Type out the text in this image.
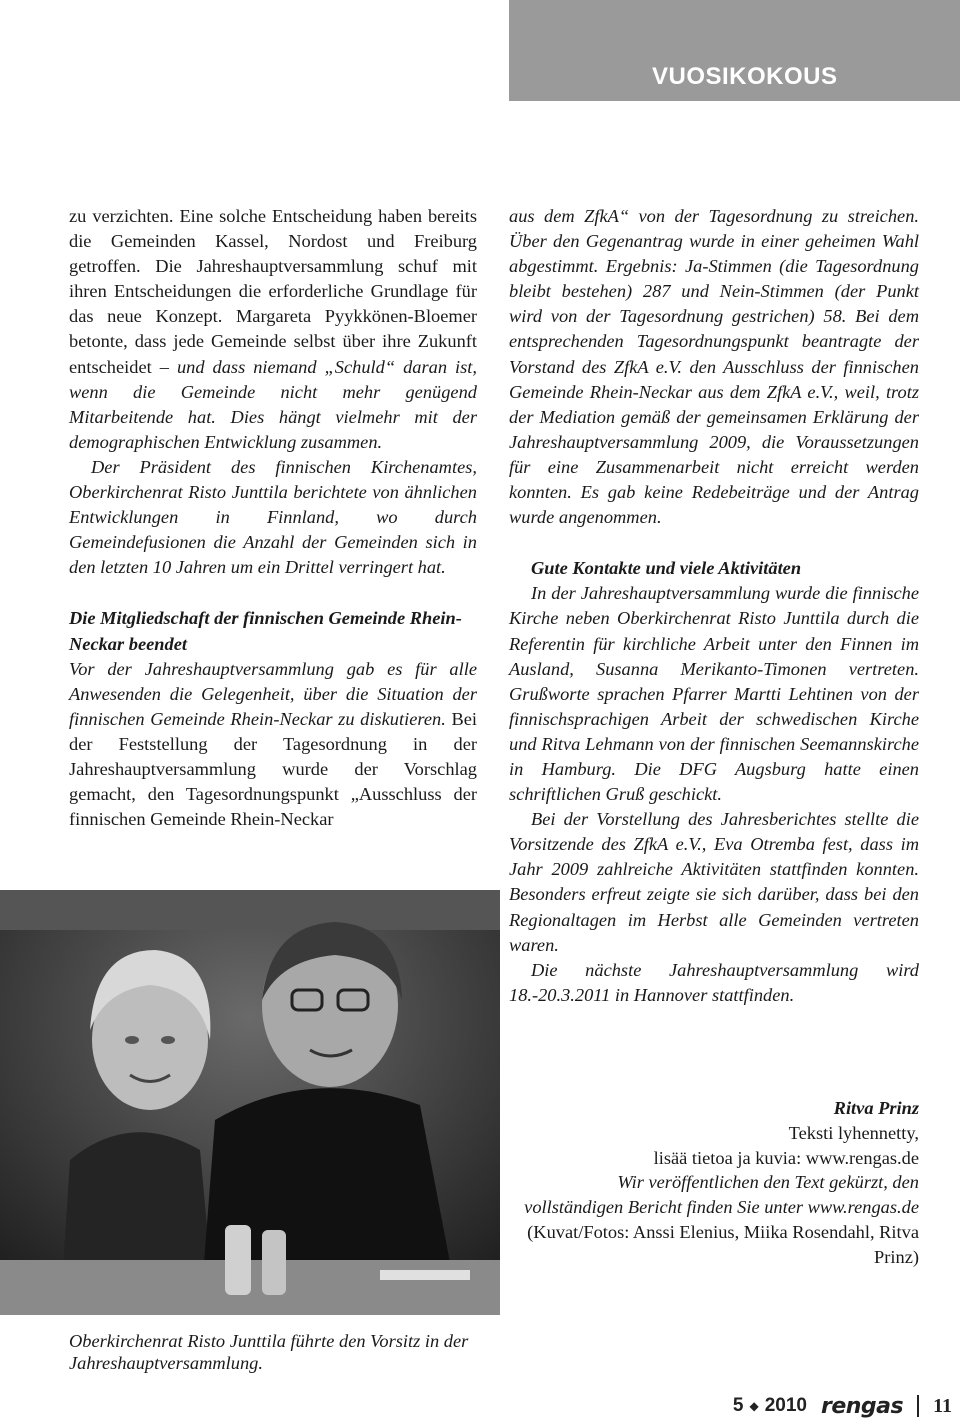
VUOSIKOKOUS

zu verzichten. Eine solche Entscheidung haben bereits die Gemeinden Kassel, Nordost und Freiburg getroffen. Die Jahreshauptversammlung schuf mit ihren Entscheidungen die erforderliche Grundlage für das neue Konzept. Margareta Pyykkönen-Bloemer betonte, dass jede Gemeinde selbst über ihre Zukunft entscheidet – und dass niemand „Schuld“ daran ist, wenn die Gemeinde nicht mehr genügend Mitarbeitende hat. Dies hängt vielmehr mit der demographischen Entwicklung zusammen.

Der Präsident des finnischen Kirchenamtes, Oberkirchenrat Risto Junttila berichtete von ähnlichen Entwicklungen in Finnland, wo durch Gemeindefusionen die Anzahl der Gemeinden sich in den letzten 10 Jahren um ein Drittel verringert hat.

Die Mitgliedschaft der finnischen Gemeinde Rhein-Neckar beendet

Vor der Jahreshauptversammlung gab es für alle Anwesenden die Gelegenheit, über die Situation der finnischen Gemeinde Rhein-Neckar zu diskutieren. Bei der Feststellung der Tagesordnung in der Jahreshauptversammlung wurde der Vorschlag gemacht, den Tagesordnungspunkt „Ausschluss der finnischen Gemeinde Rhein-Neckar

aus dem ZfkA“ von der Tagesordnung zu streichen. Über den Gegenantrag wurde in einer geheimen Wahl abgestimmt. Ergebnis: Ja-Stimmen (die Tagesordnung bleibt bestehen) 287 und Nein-Stimmen (der Punkt wird von der Tagesordnung gestrichen) 58. Bei dem entsprechenden Tagesordnungspunkt beantragte der Vorstand des ZfkA e.V. den Ausschluss der finnischen Gemeinde Rhein-Neckar aus dem ZfkA e.V., weil, trotz der Mediation gemäß der gemeinsamen Erklärung der Jahreshauptversammlung 2009, die Voraussetzungen für eine Zusammenarbeit nicht erreicht werden konnten. Es gab keine Redebeiträge und der Antrag wurde angenommen.

Gute Kontakte und viele Aktivitäten

In der Jahreshauptversammlung wurde die finnische Kirche neben Oberkirchenrat Risto Junttila durch die Referentin für kirchliche Arbeit unter den Finnen im Ausland, Susanna Merikanto-Timonen vertreten. Grußworte sprachen Pfarrer Martti Lehtinen von der finnischsprachigen Arbeit der schwedischen Kirche und Ritva Lehmann von der finnischen Seemannskirche in Hamburg. Die DFG Augsburg hatte einen schriftlichen Gruß geschickt.

Bei der Vorstellung des Jahresberichtes stellte die Vorsitzende des ZfkA e.V., Eva Otremba fest, dass im Jahr 2009 zahlreiche Aktivitäten stattfinden konnten. Besonders erfreut zeigte sie sich darüber, dass bei den Regionaltagen im Herbst alle Gemeinden vertreten waren.

Die nächste Jahreshauptversammlung wird 18.-20.3.2011 in Hannover stattfinden.

Oberkirchenrat Risto Junttila führte den Vorsitz in der Jahreshauptversammlung.
Ritva Prinz
Teksti lyhennetty,
lisää tietoa ja kuvia: www.rengas.de
Wir veröffentlichen den Text gekürzt, den vollständigen Bericht finden Sie unter www.rengas.de
(Kuvat/Fotos: Anssi Elenius, Miika Rosendahl, Ritva Prinz)
5 ◆ 2010 rengas 11
